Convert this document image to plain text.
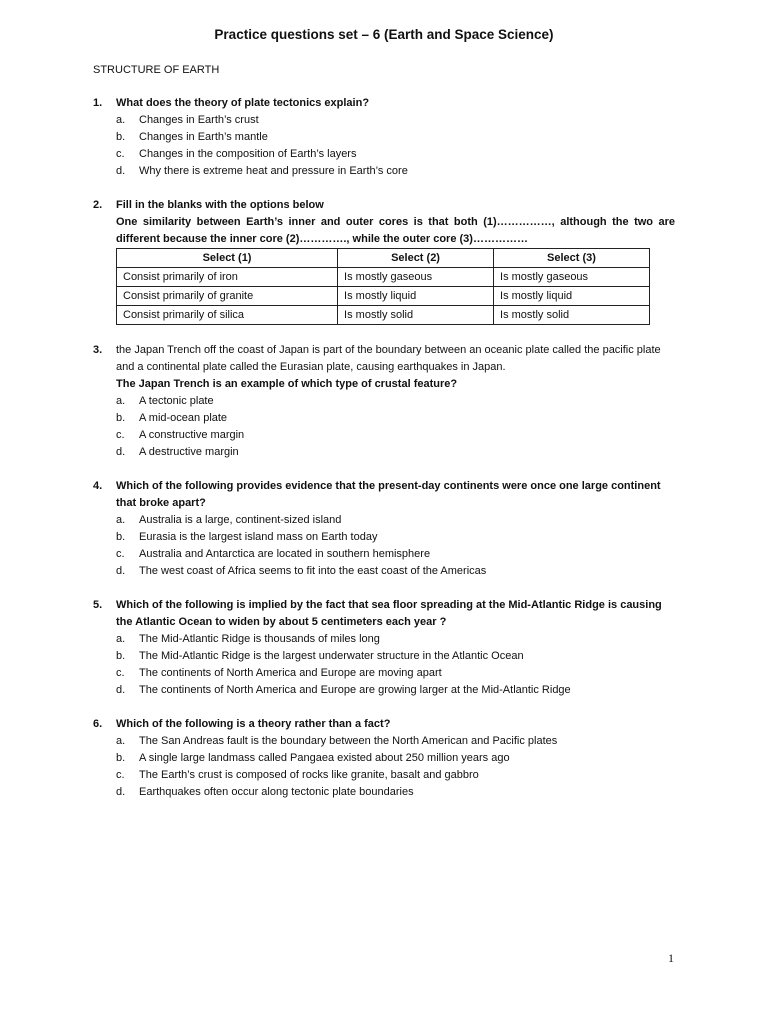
Practice questions set – 6 (Earth and Space Science)
STRUCTURE OF EARTH
1. What does the theory of plate tectonics explain?
a. Changes in Earth’s crust
b. Changes in Earth’s mantle
c. Changes in the composition of Earth’s layers
d. Why there is extreme heat and pressure in Earth’s core
2. Fill in the blanks with the options below
One similarity between Earth’s inner and outer cores is that both (1)……………, although the two are different because the inner core (2)…………., while the outer core (3)……………
Select (1)	Select (2)	Select (3)
Consist primarily of iron	Is mostly gaseous	Is mostly gaseous
Consist primarily of granite	Is mostly liquid	Is mostly liquid
Consist primarily of silica	Is mostly solid	Is mostly solid
3. the Japan Trench off the coast of Japan is part of the boundary between an oceanic plate called the pacific plate and a continental plate called the Eurasian plate, causing earthquakes in Japan.
The Japan Trench is an example of which type of crustal feature?
a. A tectonic plate
b. A mid-ocean plate
c. A constructive margin
d. A destructive margin
4. Which of the following provides evidence that the present-day continents were once one large continent that broke apart?
a. Australia is a large, continent-sized island
b. Eurasia is the largest island mass on Earth today
c. Australia and Antarctica are located in southern hemisphere
d. The west coast of Africa seems to fit into the east coast of the Americas
5. Which of the following is implied by the fact that sea floor spreading at the Mid-Atlantic Ridge is causing the Atlantic Ocean to widen by about 5 centimeters each year ?
a. The Mid-Atlantic Ridge is thousands of miles long
b. The Mid-Atlantic Ridge is the largest underwater structure in the Atlantic Ocean
c. The continents of North America and Europe are moving apart
d. The continents of North America and Europe are growing larger at the Mid-Atlantic Ridge
6. Which of the following is a theory rather than a fact?
a. The San Andreas fault is the boundary between the North American and Pacific plates
b. A single large landmass called Pangaea existed about 250 million years ago
c. The Earth’s crust is composed of rocks like granite, basalt and gabbro
d. Earthquakes often occur along tectonic plate boundaries
1
